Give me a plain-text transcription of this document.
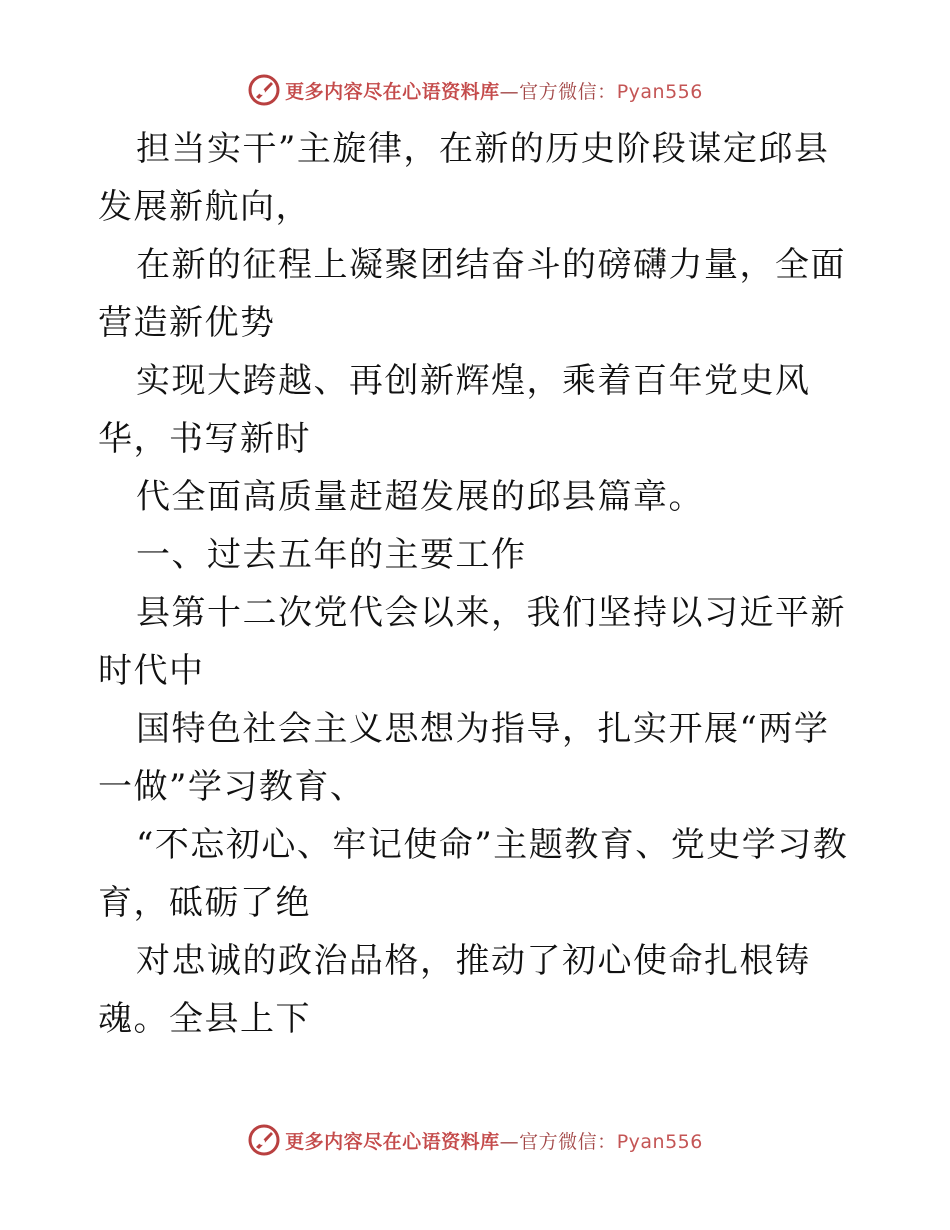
更多内容尽在心语资料库—官方微信：Pyan556

担当实干”主旋律，在新的历史阶段谋定邱县发展新航向，

在新的征程上凝聚团结奋斗的磅礴力量，全面营造新优势

实现大跨越、再创新辉煌，乘着百年党史风华，书写新时

代全面高质量赶超发展的邱县篇章。

一、过去五年的主要工作

县第十二次党代会以来，我们坚持以习近平新时代中

国特色社会主义思想为指导，扎实开展“两学一做”学习教育、

“不忘初心、牢记使命”主题教育、党史学习教育，砥砺了绝

对忠诚的政治品格，推动了初心使命扎根铸魂。全县上下

更多内容尽在心语资料库—官方微信：Pyan556
